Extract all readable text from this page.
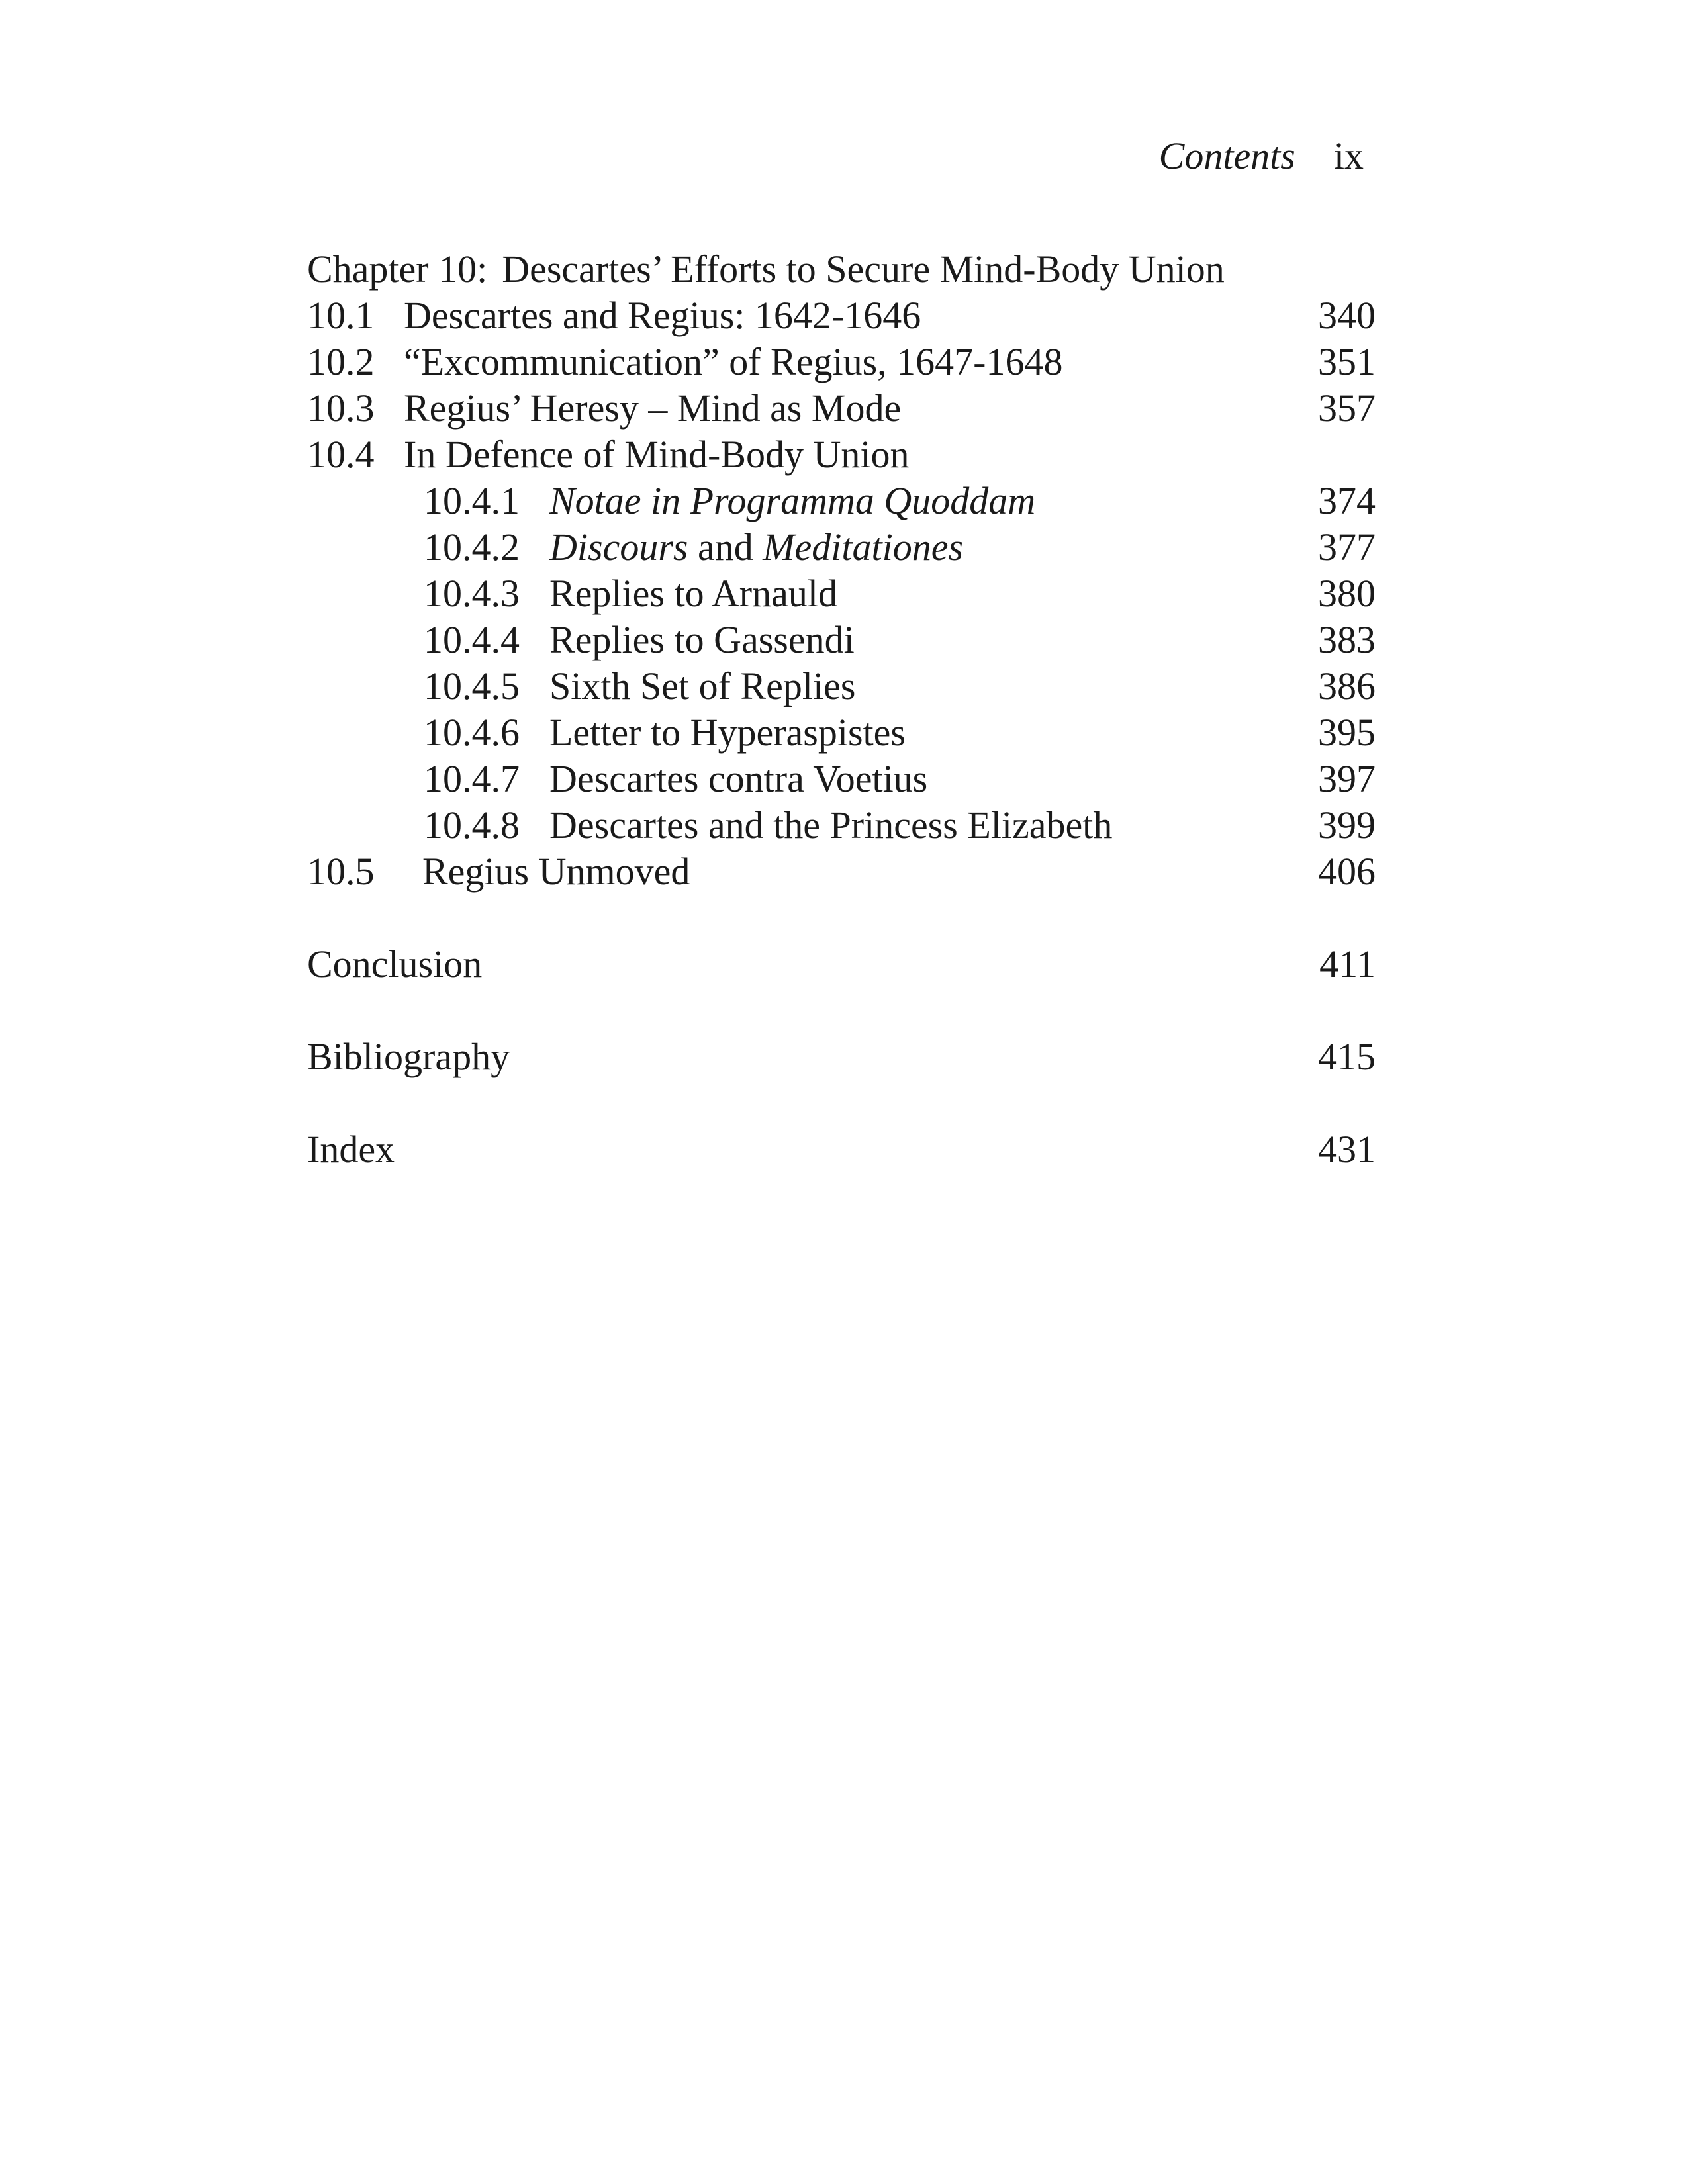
Contents ix
Chapter 10: Descartes’ Efforts to Secure Mind-Body Union
10.1 Descartes and Regius: 1642-1646	340
10.2 “Excommunication” of Regius, 1647-1648	351
10.3 Regius’ Heresy – Mind as Mode	357
10.4 In Defence of Mind-Body Union
10.4.1 Notae in Programma Quoddam	374
10.4.2 Discours and Meditationes	377
10.4.3 Replies to Arnauld	380
10.4.4 Replies to Gassendi	383
10.4.5 Sixth Set of Replies	386
10.4.6 Letter to Hyperaspistes	395
10.4.7 Descartes contra Voetius	397
10.4.8 Descartes and the Princess Elizabeth	399
10.5 Regius Unmoved	406
Conclusion	411
Bibliography	415
Index	431
